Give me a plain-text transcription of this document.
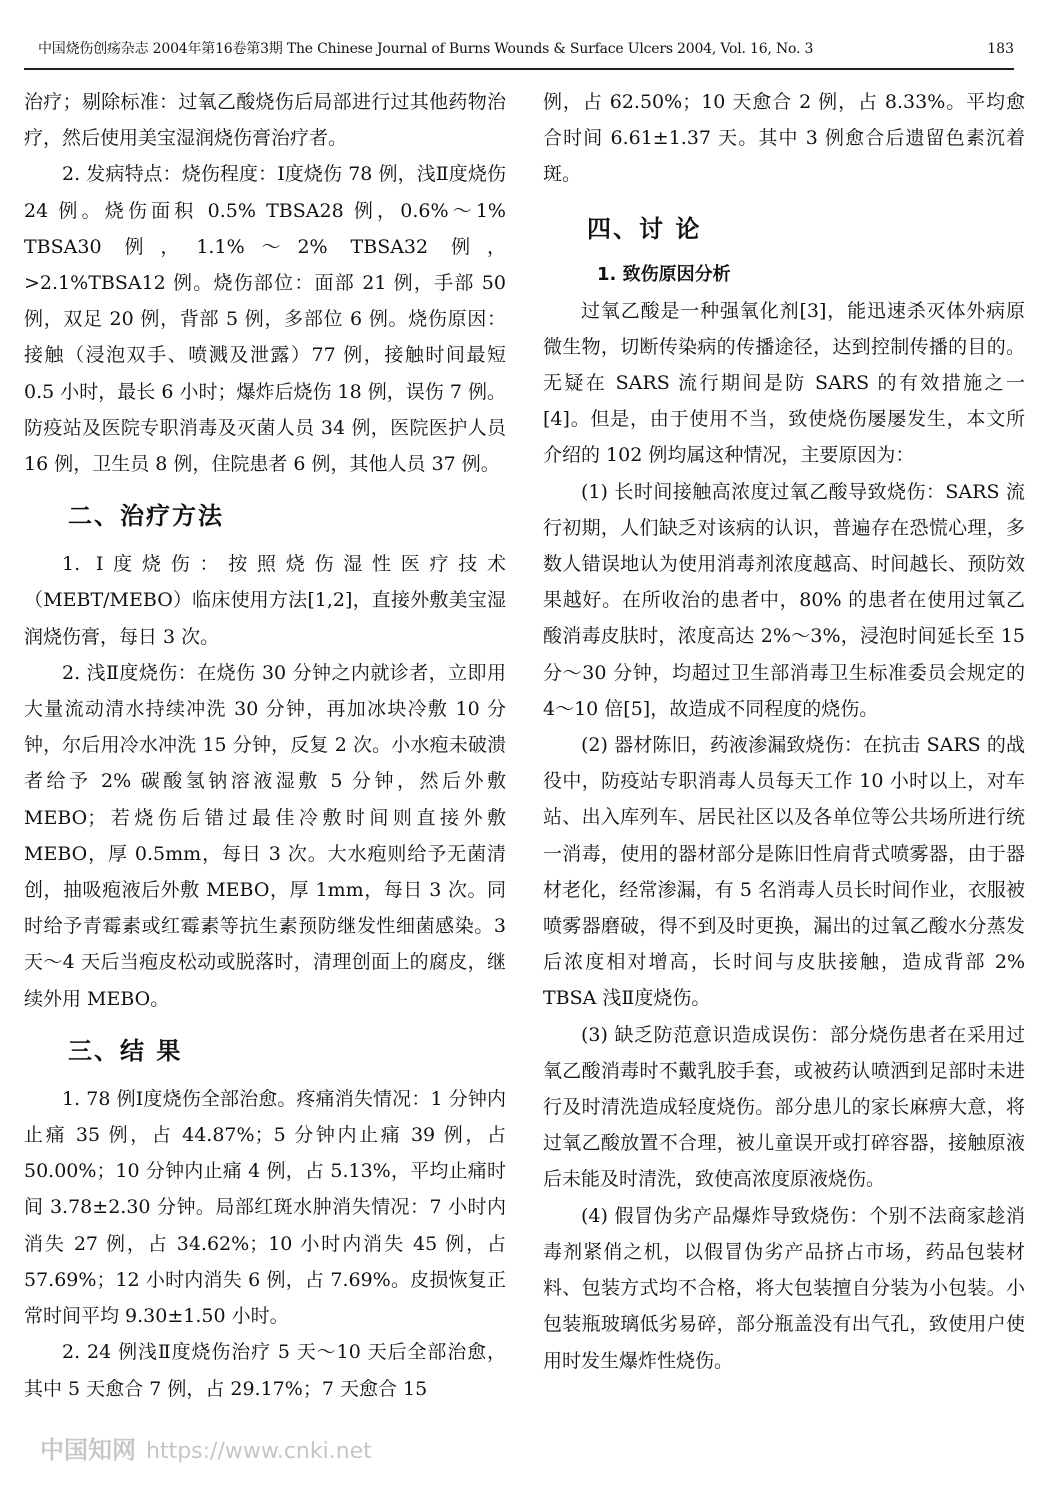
中国烧伤创疡杂志 2004年第16卷第3期 The Chinese Journal of Burns Wounds & Surface Ulcers 2004, Vol. 16, No. 3	183

治疗；剔除标准：过氧乙酸烧伤后局部进行过其他药物治疗，然后使用美宝湿润烧伤膏治疗者。

2. 发病特点：烧伤程度：Ⅰ度烧伤 78 例，浅Ⅱ度烧伤 24 例。烧伤面积 0.5% TBSA28 例，0.6%～1% TBSA30 例，1.1%～2% TBSA32 例，>2.1%TBSA12 例。烧伤部位：面部 21 例，手部 50 例，双足 20 例，背部 5 例，多部位 6 例。烧伤原因：接触（浸泡双手、喷溅及泄露）77 例，接触时间最短 0.5 小时，最长 6 小时；爆炸后烧伤 18 例，误伤 7 例。防疫站及医院专职消毒及灭菌人员 34 例，医院医护人员 16 例，卫生员 8 例，住院患者 6 例，其他人员 37 例。

二、治疗方法

1. Ⅰ度烧伤：按照烧伤湿性医疗技术（MEBT/MEBO）临床使用方法[1,2]，直接外敷美宝湿润烧伤膏，每日 3 次。

2. 浅Ⅱ度烧伤：在烧伤 30 分钟之内就诊者，立即用大量流动清水持续冲洗 30 分钟，再加冰块冷敷 10 分钟，尔后用冷水冲洗 15 分钟，反复 2 次。小水疱未破溃者给予 2% 碳酸氢钠溶液湿敷 5 分钟，然后外敷 MEBO；若烧伤后错过最佳冷敷时间则直接外敷 MEBO，厚 0.5mm，每日 3 次。大水疱则给予无菌清创，抽吸疱液后外敷 MEBO，厚 1mm，每日 3 次。同时给予青霉素或红霉素等抗生素预防继发性细菌感染。3 天～4 天后当疱皮松动或脱落时，清理创面上的腐皮，继续外用 MEBO。

三、结 果

1. 78 例Ⅰ度烧伤全部治愈。疼痛消失情况：1 分钟内止痛 35 例，占 44.87%；5 分钟内止痛 39 例，占 50.00%；10 分钟内止痛 4 例，占 5.13%，平均止痛时间 3.78±2.30 分钟。局部红斑水肿消失情况：7 小时内消失 27 例，占 34.62%；10 小时内消失 45 例，占 57.69%；12 小时内消失 6 例，占 7.69%。皮损恢复正常时间平均 9.30±1.50 小时。

2. 24 例浅Ⅱ度烧伤治疗 5 天～10 天后全部治愈，其中 5 天愈合 7 例，占 29.17%；7 天愈合 15

例，占 62.50%；10 天愈合 2 例，占 8.33%。平均愈合时间 6.61±1.37 天。其中 3 例愈合后遗留色素沉着斑。

四、讨 论
1. 致伤原因分析

过氧乙酸是一种强氧化剂[3]，能迅速杀灭体外病原微生物，切断传染病的传播途径，达到控制传播的目的。无疑在 SARS 流行期间是防 SARS 的有效措施之一[4]。但是，由于使用不当，致使烧伤屡屡发生，本文所介绍的 102 例均属这种情况，主要原因为：

(1) 长时间接触高浓度过氧乙酸导致烧伤：SARS 流行初期，人们缺乏对该病的认识，普遍存在恐慌心理，多数人错误地认为使用消毒剂浓度越高、时间越长、预防效果越好。在所收治的患者中，80% 的患者在使用过氧乙酸消毒皮肤时，浓度高达 2%～3%，浸泡时间延长至 15 分～30 分钟，均超过卫生部消毒卫生标准委员会规定的 4～10 倍[5]，故造成不同程度的烧伤。

(2) 器材陈旧，药液渗漏致烧伤：在抗击 SARS 的战役中，防疫站专职消毒人员每天工作 10 小时以上，对车站、出入库列车、居民社区以及各单位等公共场所进行统一消毒，使用的器材部分是陈旧性肩背式喷雾器，由于器材老化，经常渗漏，有 5 名消毒人员长时间作业，衣服被喷雾器磨破，得不到及时更换，漏出的过氧乙酸水分蒸发后浓度相对增高，长时间与皮肤接触，造成背部 2% TBSA 浅Ⅱ度烧伤。

(3) 缺乏防范意识造成误伤：部分烧伤患者在采用过氧乙酸消毒时不戴乳胶手套，或被药认喷洒到足部时未进行及时清洗造成轻度烧伤。部分患儿的家长麻痹大意，将过氧乙酸放置不合理，被儿童误开或打碎容器，接触原液后未能及时清洗，致使高浓度原液烧伤。

(4) 假冒伪劣产品爆炸导致烧伤：个别不法商家趁消毒剂紧俏之机，以假冒伪劣产品挤占市场，药品包装材料、包装方式均不合格，将大包装擅自分装为小包装。小包装瓶玻璃低劣易碎，部分瓶盖没有出气孔，致使用户使用时发生爆炸性烧伤。

中国知网 https://www.cnki.net
